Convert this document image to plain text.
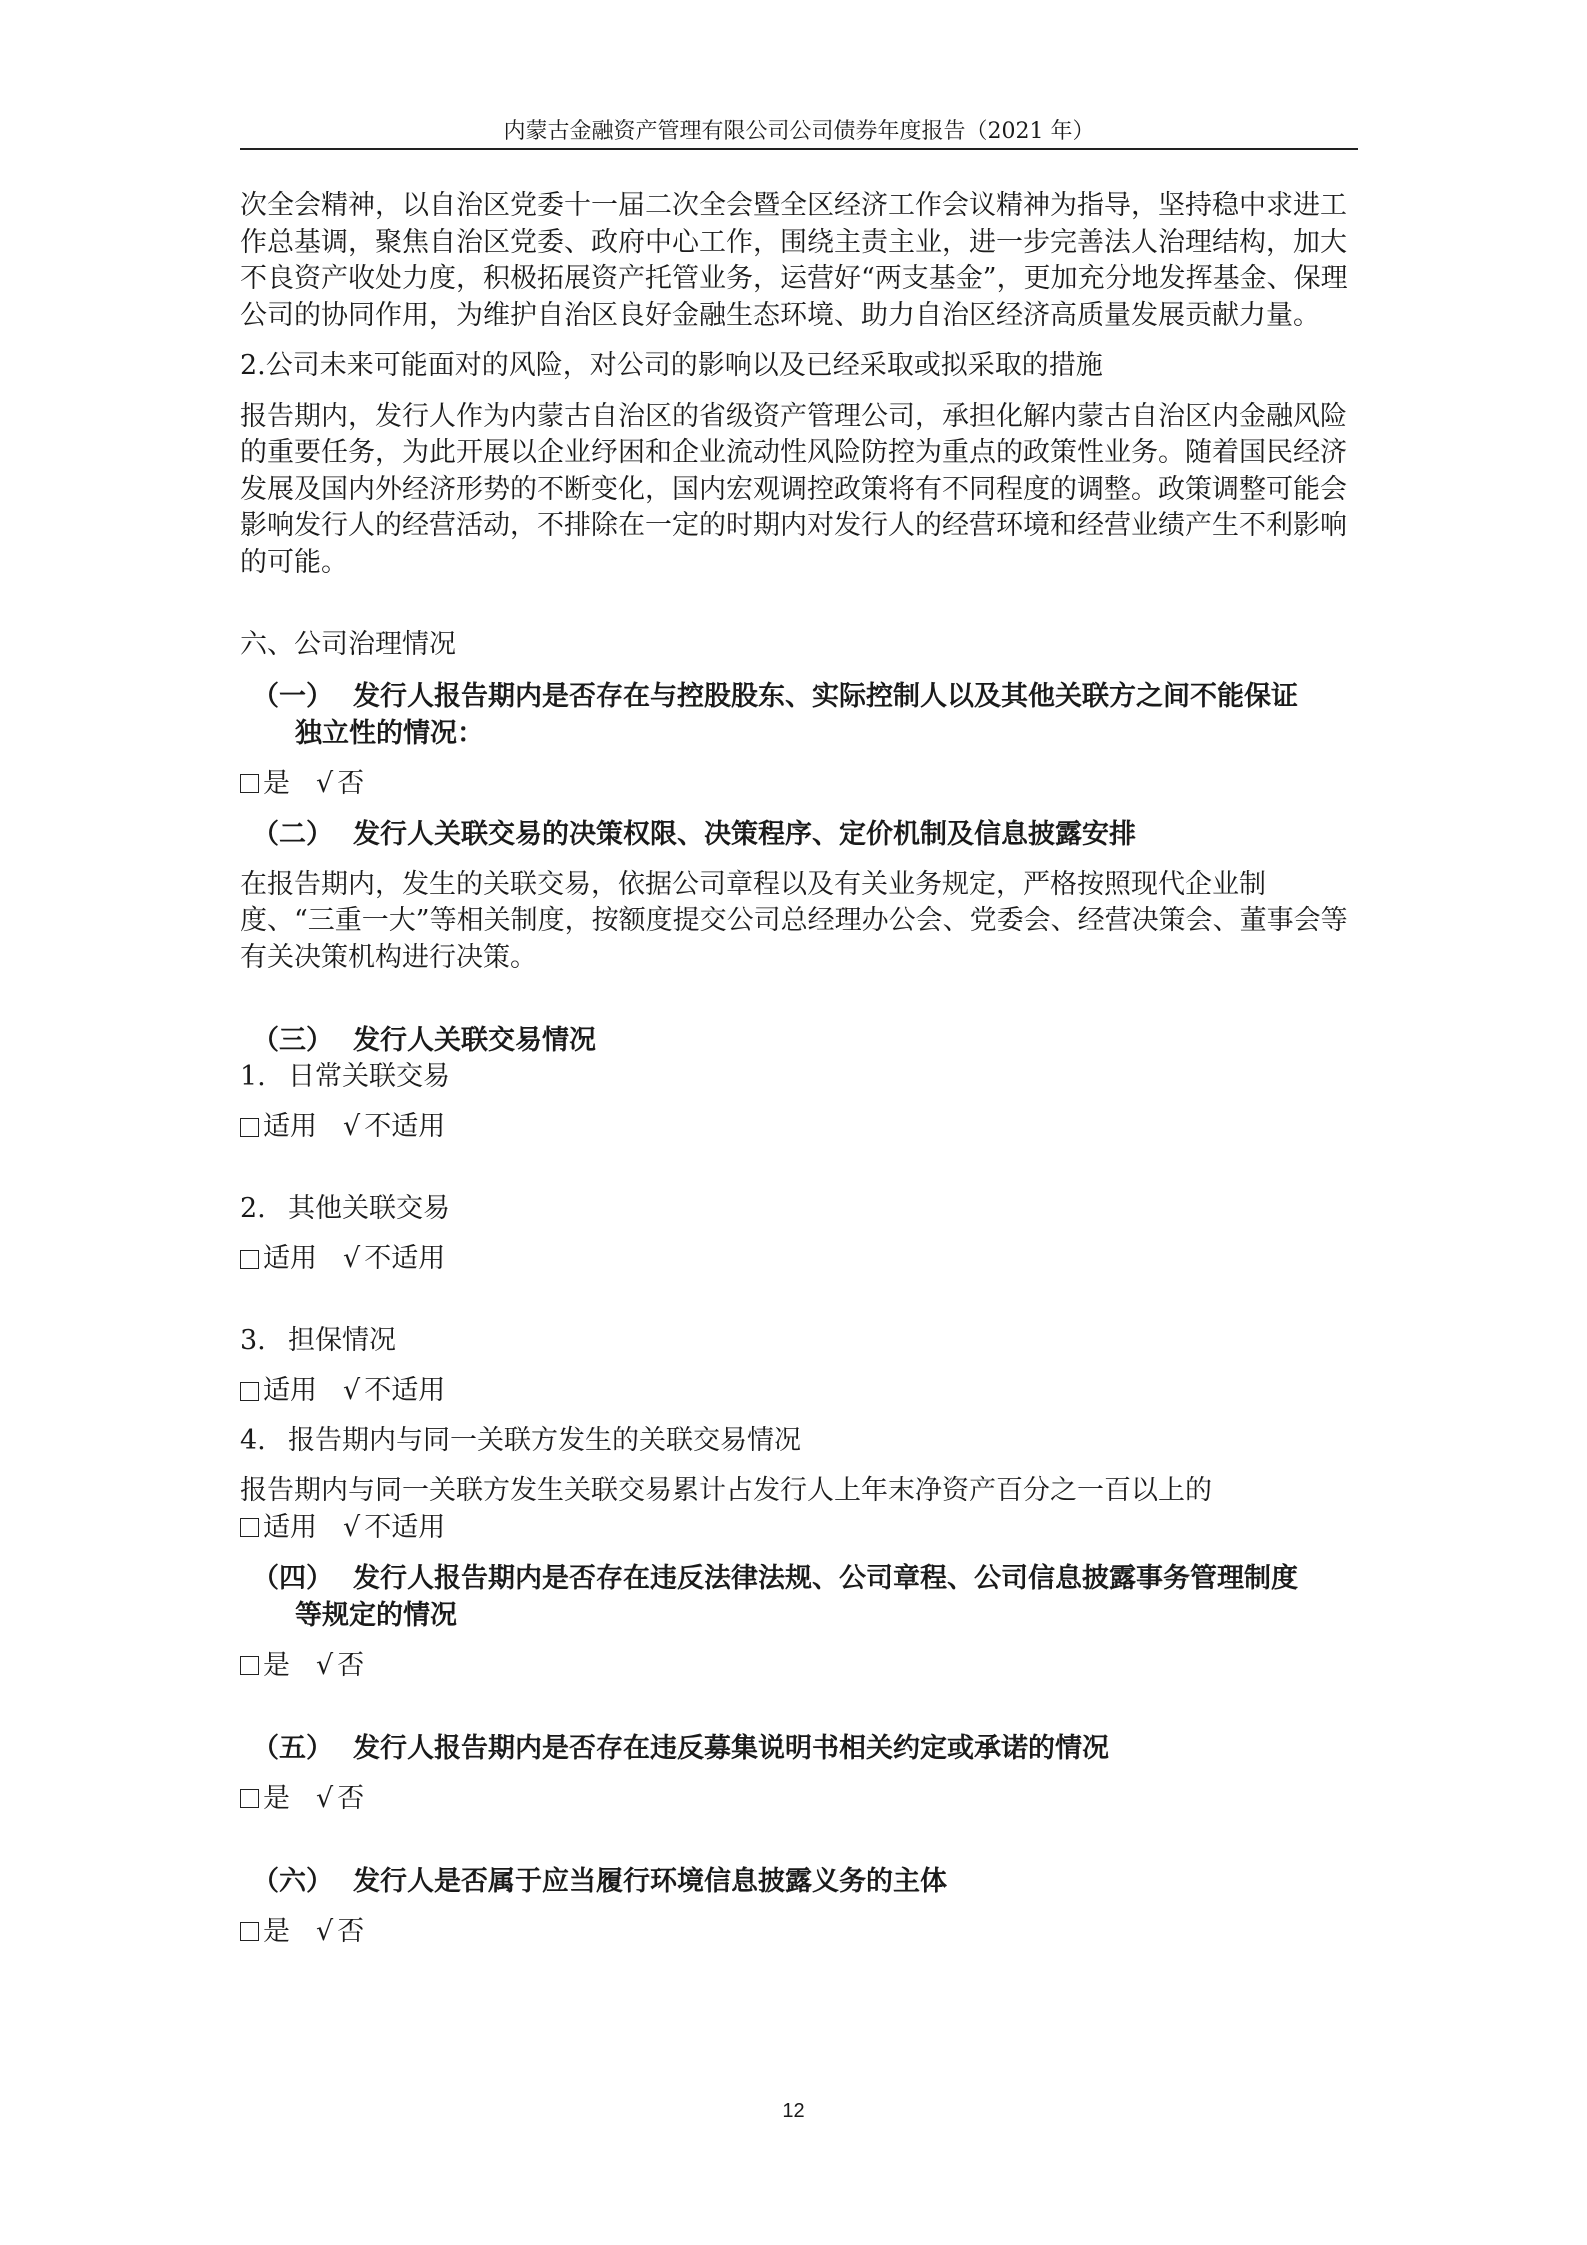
内蒙古金融资产管理有限公司公司债券年度报告（2021 年）

次全会精神，以自治区党委十一届二次全会暨全区经济工作会议精神为指导，坚持稳中求进工作总基调，聚焦自治区党委、政府中心工作，围绕主责主业，进一步完善法人治理结构，加大不良资产收处力度，积极拓展资产托管业务，运营好“两支基金”，更加充分地发挥基金、保理公司的协同作用，为维护自治区良好金融生态环境、助力自治区经济高质量发展贡献力量。

2.公司未来可能面对的风险，对公司的影响以及已经采取或拟采取的措施

报告期内，发行人作为内蒙古自治区的省级资产管理公司，承担化解内蒙古自治区内金融风险的重要任务，为此开展以企业纾困和企业流动性风险防控为重点的政策性业务。随着国民经济发展及国内外经济形势的不断变化，国内宏观调控政策将有不同程度的调整。政策调整可能会影响发行人的经营活动，不排除在一定的时期内对发行人的经营环境和经营业绩产生不利影响的可能。

六、公司治理情况

（一） 发行人报告期内是否存在与控股股东、实际控制人以及其他关联方之间不能保证
独立性的情况：
是 √ 否
（二） 发行人关联交易的决策权限、决策程序、定价机制及信息披露安排

在报告期内，发生的关联交易，依据公司章程以及有关业务规定，严格按照现代企业制度、“三重一大”等相关制度，按额度提交公司总经理办公会、党委会、经营决策会、董事会等有关决策机构进行决策。

（三） 发行人关联交易情况
1. 日常关联交易
适用 √ 不适用
2. 其他关联交易
适用 √ 不适用
3. 担保情况
适用 √ 不适用
4. 报告期内与同一关联方发生的关联交易情况

报告期内与同一关联方发生关联交易累计占发行人上年末净资产百分之一百以上的

适用 √ 不适用
（四） 发行人报告期内是否存在违反法律法规、公司章程、公司信息披露事务管理制度
等规定的情况
是 √ 否
（五） 发行人报告期内是否存在违反募集说明书相关约定或承诺的情况
是 √ 否
（六） 发行人是否属于应当履行环境信息披露义务的主体
是 √ 否
12
